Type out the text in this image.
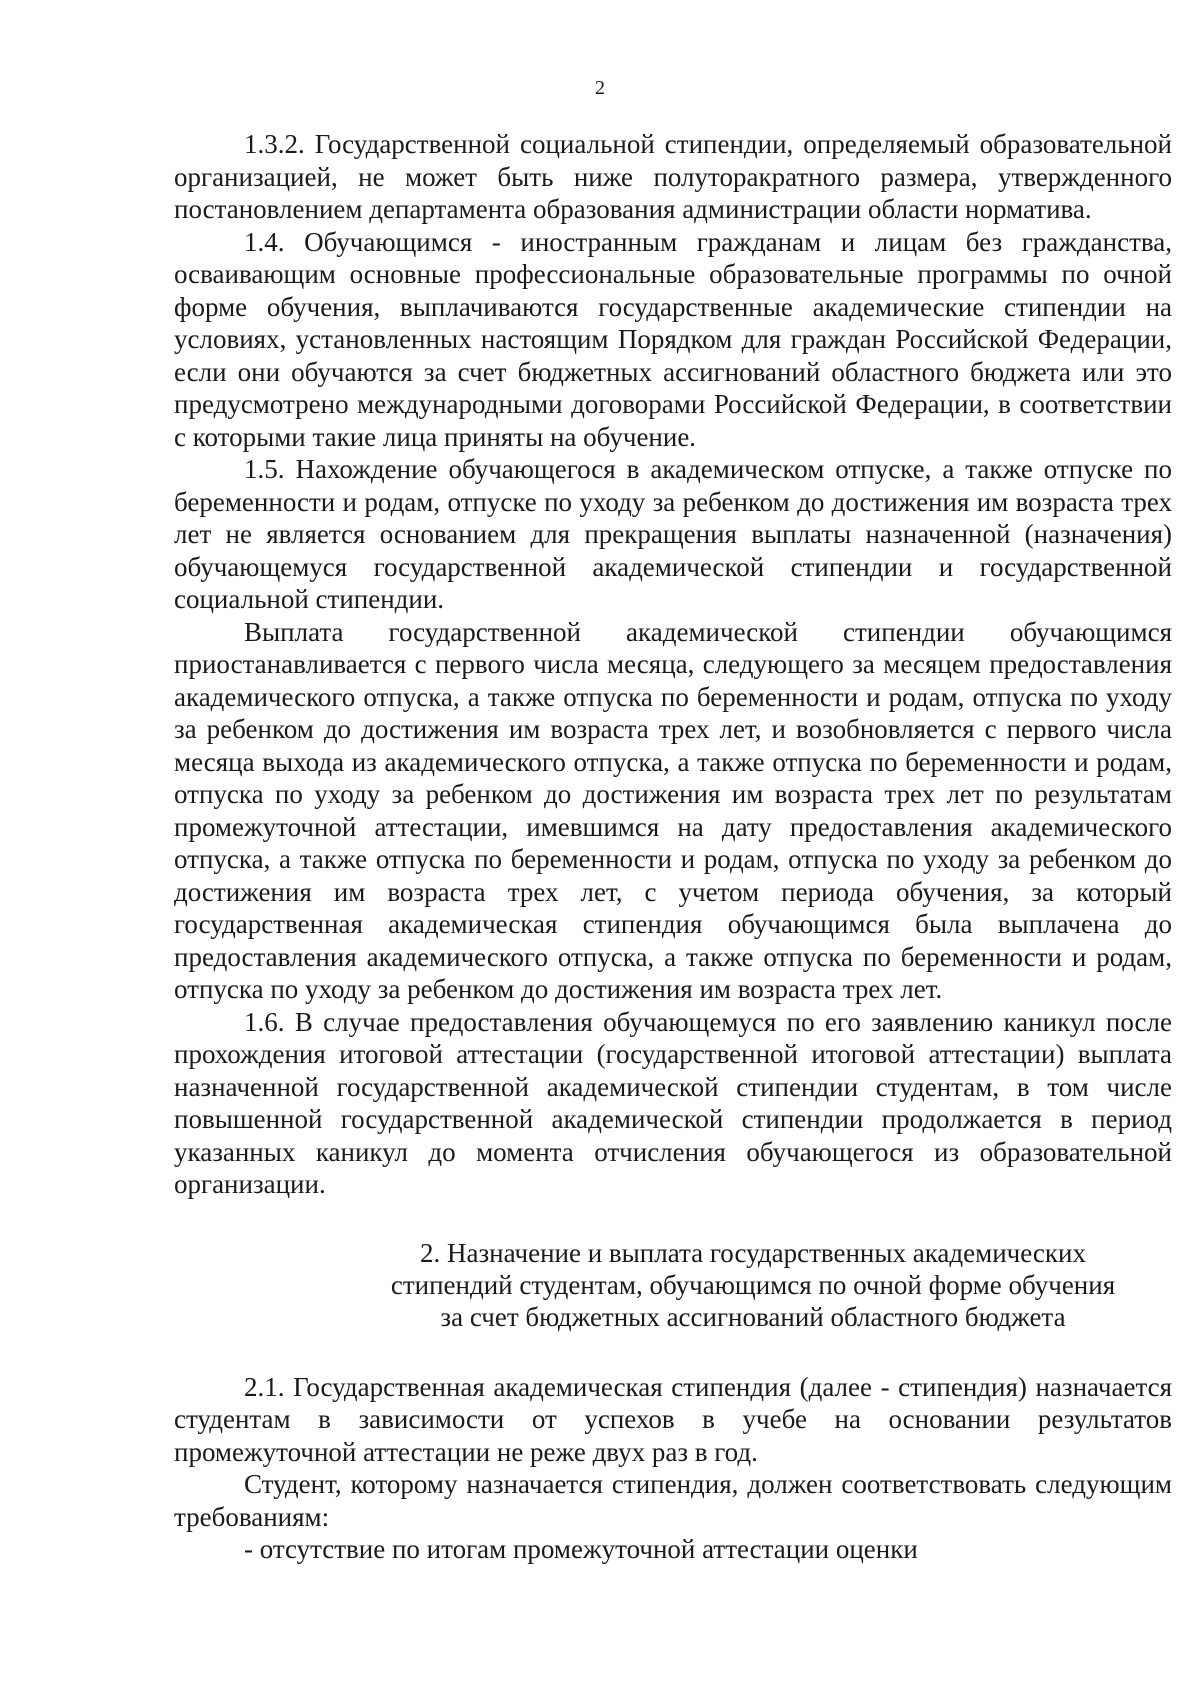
2

1.3.2. Государственной социальной стипендии, определяемый образовательной организацией, не может быть ниже полуторакратного размера, утвержденного постановлением департамента образования администрации области норматива.

1.4. Обучающимся - иностранным гражданам и лицам без гражданства, осваивающим основные профессиональные образовательные программы по очной форме обучения, выплачиваются государственные академические стипендии на условиях, установленных настоящим Порядком для граждан Российской Федерации, если они обучаются за счет бюджетных ассигнований областного бюджета или это предусмотрено международными договорами Российской Федерации, в соответствии с которыми такие лица приняты на обучение.

1.5. Нахождение обучающегося в академическом отпуске, а также отпуске по беременности и родам, отпуске по уходу за ребенком до достижения им возраста трех лет не является основанием для прекращения выплаты назначенной (назначения) обучающемуся государственной академической стипендии и государственной социальной стипендии.

Выплата государственной академической стипендии обучающимся приостанавливается с первого числа месяца, следующего за месяцем предоставления академического отпуска, а также отпуска по беременности и родам, отпуска по уходу за ребенком до достижения им возраста трех лет, и возобновляется с первого числа месяца выхода из академического отпуска, а также отпуска по беременности и родам, отпуска по уходу за ребенком до достижения им возраста трех лет по результатам промежуточной аттестации, имевшимся на дату предоставления академического отпуска, а также отпуска по беременности и родам, отпуска по уходу за ребенком до достижения им возраста трех лет, с учетом периода обучения, за который государственная академическая стипендия обучающимся была выплачена до предоставления академического отпуска, а также отпуска по беременности и родам, отпуска по уходу за ребенком до достижения им возраста трех лет.

1.6. В случае предоставления обучающемуся по его заявлению каникул после прохождения итоговой аттестации (государственной итоговой аттестации) выплата назначенной государственной академической стипендии студентам, в том числе повышенной государственной академической стипендии продолжается в период указанных каникул до момента отчисления обучающегося из образовательной организации.

2. Назначение и выплата государственных академических
стипендий студентам, обучающимся по очной форме обучения
за счет бюджетных ассигнований областного бюджета

2.1. Государственная академическая стипендия (далее - стипендия) назначается студентам в зависимости от успехов в учебе на основании результатов промежуточной аттестации не реже двух раз в год.

Студент, которому назначается стипендия, должен соответствовать следующим требованиям:

- отсутствие по итогам промежуточной аттестации оценки
